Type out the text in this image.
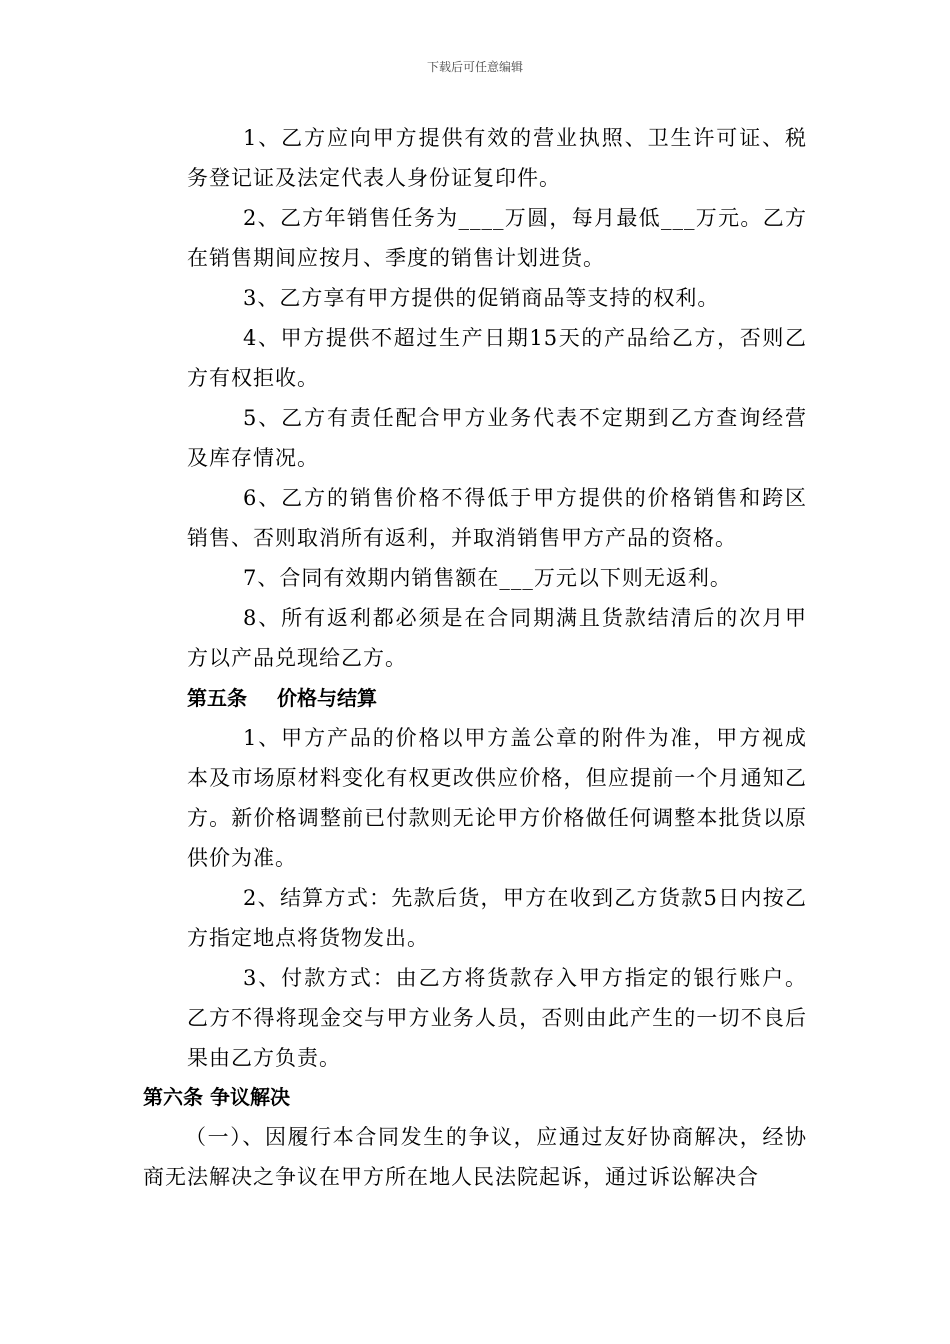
下载后可任意编辑

1、乙方应向甲方提供有效的营业执照、卫生许可证、税务登记证及法定代表人身份证复印件。

2、乙方年销售任务为____万圆，每月最低___万元。乙方在销售期间应按月、季度的销售计划进货。

3、乙方享有甲方提供的促销商品等支持的权利。

4、甲方提供不超过生产日期15天的产品给乙方，否则乙方有权拒收。

5、乙方有责任配合甲方业务代表不定期到乙方查询经营及库存情况。

6、乙方的销售价格不得低于甲方提供的价格销售和跨区销售、否则取消所有返利，并取消销售甲方产品的资格。

7、合同有效期内销售额在___万元以下则无返利。

8、所有返利都必须是在合同期满且货款结清后的次月甲方以产品兑现给乙方。

第五条 价格与结算

1、甲方产品的价格以甲方盖公章的附件为准，甲方视成本及市场原材料变化有权更改供应价格，但应提前一个月通知乙方。新价格调整前已付款则无论甲方价格做任何调整本批货以原供价为准。

2、结算方式：先款后货，甲方在收到乙方货款5日内按乙方指定地点将货物发出。

3、付款方式：由乙方将货款存入甲方指定的银行账户。乙方不得将现金交与甲方业务人员，否则由此产生的一切不良后果由乙方负责。

第六条 争议解决

（一）、因履行本合同发生的争议，应通过友好协商解决，经协商无法解决之争议在甲方所在地人民法院起诉，通过诉讼解决合
